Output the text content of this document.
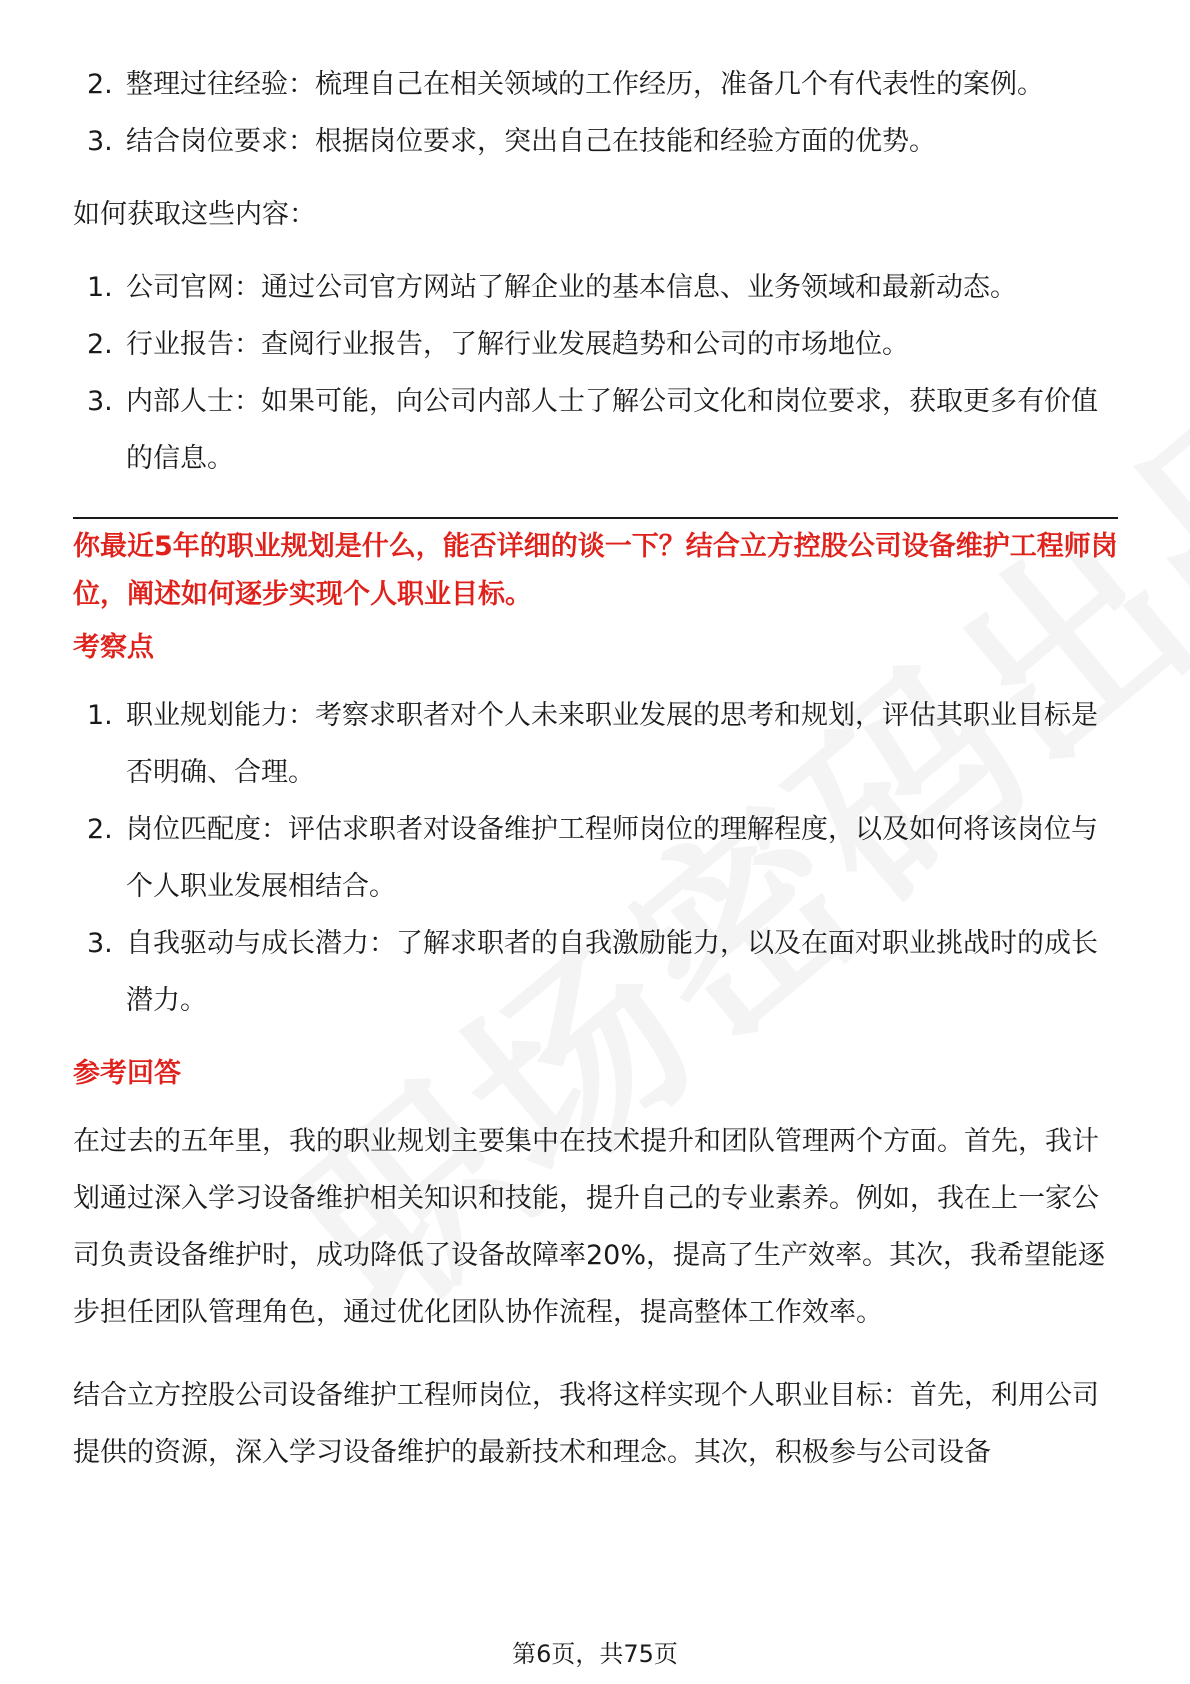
2. 整理过往经验：梳理自己在相关领域的工作经历，准备几个有代表性的案例。
3. 结合岗位要求：根据岗位要求，突出自己在技能和经验方面的优势。

如何获取这些内容：

1. 公司官网：通过公司官方网站了解企业的基本信息、业务领域和最新动态。
2. 行业报告：查阅行业报告，了解行业发展趋势和公司的市场地位。
3. 内部人士：如果可能，向公司内部人士了解公司文化和岗位要求，获取更多有价值的信息。

你最近5年的职业规划是什么，能否详细的谈一下？结合立方控股公司设备维护工程师岗位，阐述如何逐步实现个人职业目标。

考察点

1. 职业规划能力：考察求职者对个人未来职业发展的思考和规划，评估其职业目标是否明确、合理。
2. 岗位匹配度：评估求职者对设备维护工程师岗位的理解程度，以及如何将该岗位与个人职业发展相结合。
3. 自我驱动与成长潜力：了解求职者的自我激励能力，以及在面对职业挑战时的成长潜力。

参考回答

在过去的五年里，我的职业规划主要集中在技术提升和团队管理两个方面。首先，我计划通过深入学习设备维护相关知识和技能，提升自己的专业素养。例如，我在上一家公司负责设备维护时，成功降低了设备故障率20%，提高了生产效率。其次，我希望能逐步担任团队管理角色，通过优化团队协作流程，提高整体工作效率。

结合立方控股公司设备维护工程师岗位，我将这样实现个人职业目标：首先，利用公司提供的资源，深入学习设备维护的最新技术和理念。其次，积极参与公司设备

第6页，共75页
